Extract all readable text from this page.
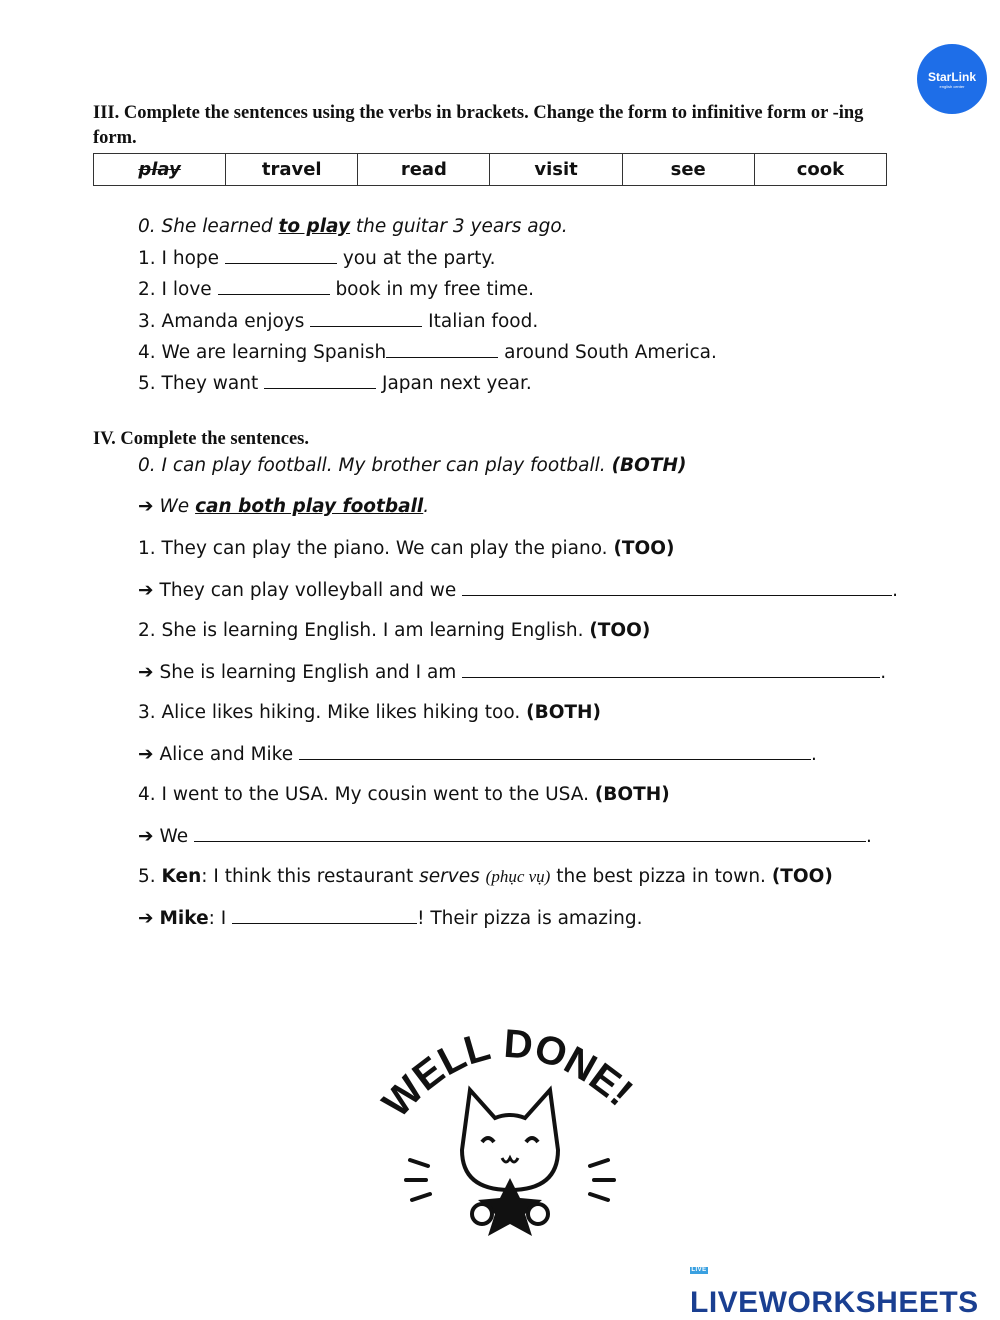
StarLink
english center
III. Complete the sentences using the verbs in brackets. Change the form to infinitive form or -ing
form.
play	travel	read	visit	see	cook
0. She learned to play the guitar 3 years ago.
1. I hope	you at the party.
2. I love	book in my free time.
3. Amanda enjoys	Italian food.
4. We are learning Spanish	around South America.
5. They want	Japan next year.
IV. Complete the sentences.
0. I can play football. My brother can play football. (BOTH)
➔ We can both play football.
1. They can play the piano. We can play the piano. (TOO)
➔ They can play volleyball and we	.
2. She is learning English. I am learning English. (TOO)
➔ She is learning English and I am	.
3. Alice likes hiking. Mike likes hiking too. (BOTH)
➔ Alice and Mike	.
4. I went to the USA. My cousin went to the USA. (BOTH)
➔ We	.
5. Ken: I think this restaurant serves (phục vụ) the best pizza in town. (TOO)
➔ Mike: I	! Their pizza is amazing.
WELL DONE!
LIVELIVEWORKSHEETS
